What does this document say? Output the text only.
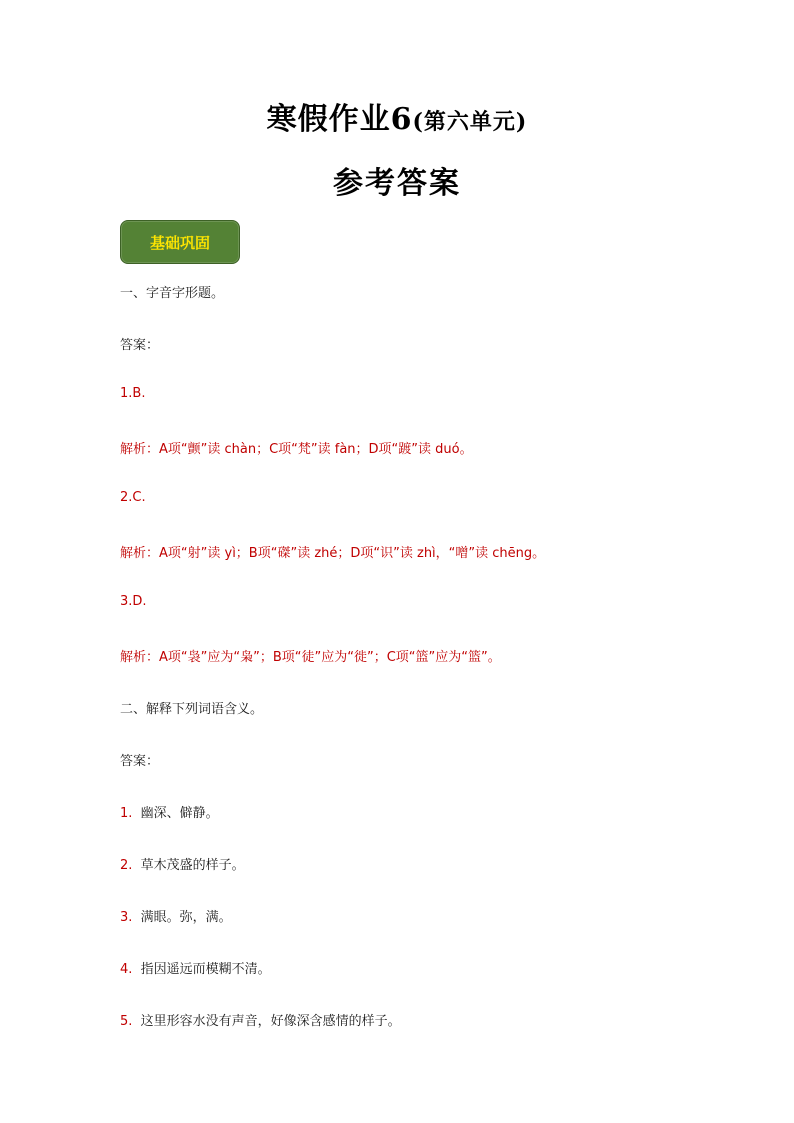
寒假作业6(第六单元)
参考答案
基础巩固
一、字音字形题。
答案：
1.B.
解析：A项“颤”读 chàn；C项“梵”读 fàn；D项“踱”读 duó。
2.C.
解析：A项“射”读 yì；B项“磔”读 zhé；D项“识”读 zhì，“噌”读 chēng。
3.D.
解析：A项“袅”应为“枭”；B项“徒”应为“徙”；C项“篮”应为“篮”。
二、解释下列词语含义。
答案：
1. 幽深、僻静。
2. 草木茂盛的样子。
3. 满眼。弥，满。
4. 指因遥远而模糊不清。
5. 这里形容水没有声音，好像深含感情的样子。
